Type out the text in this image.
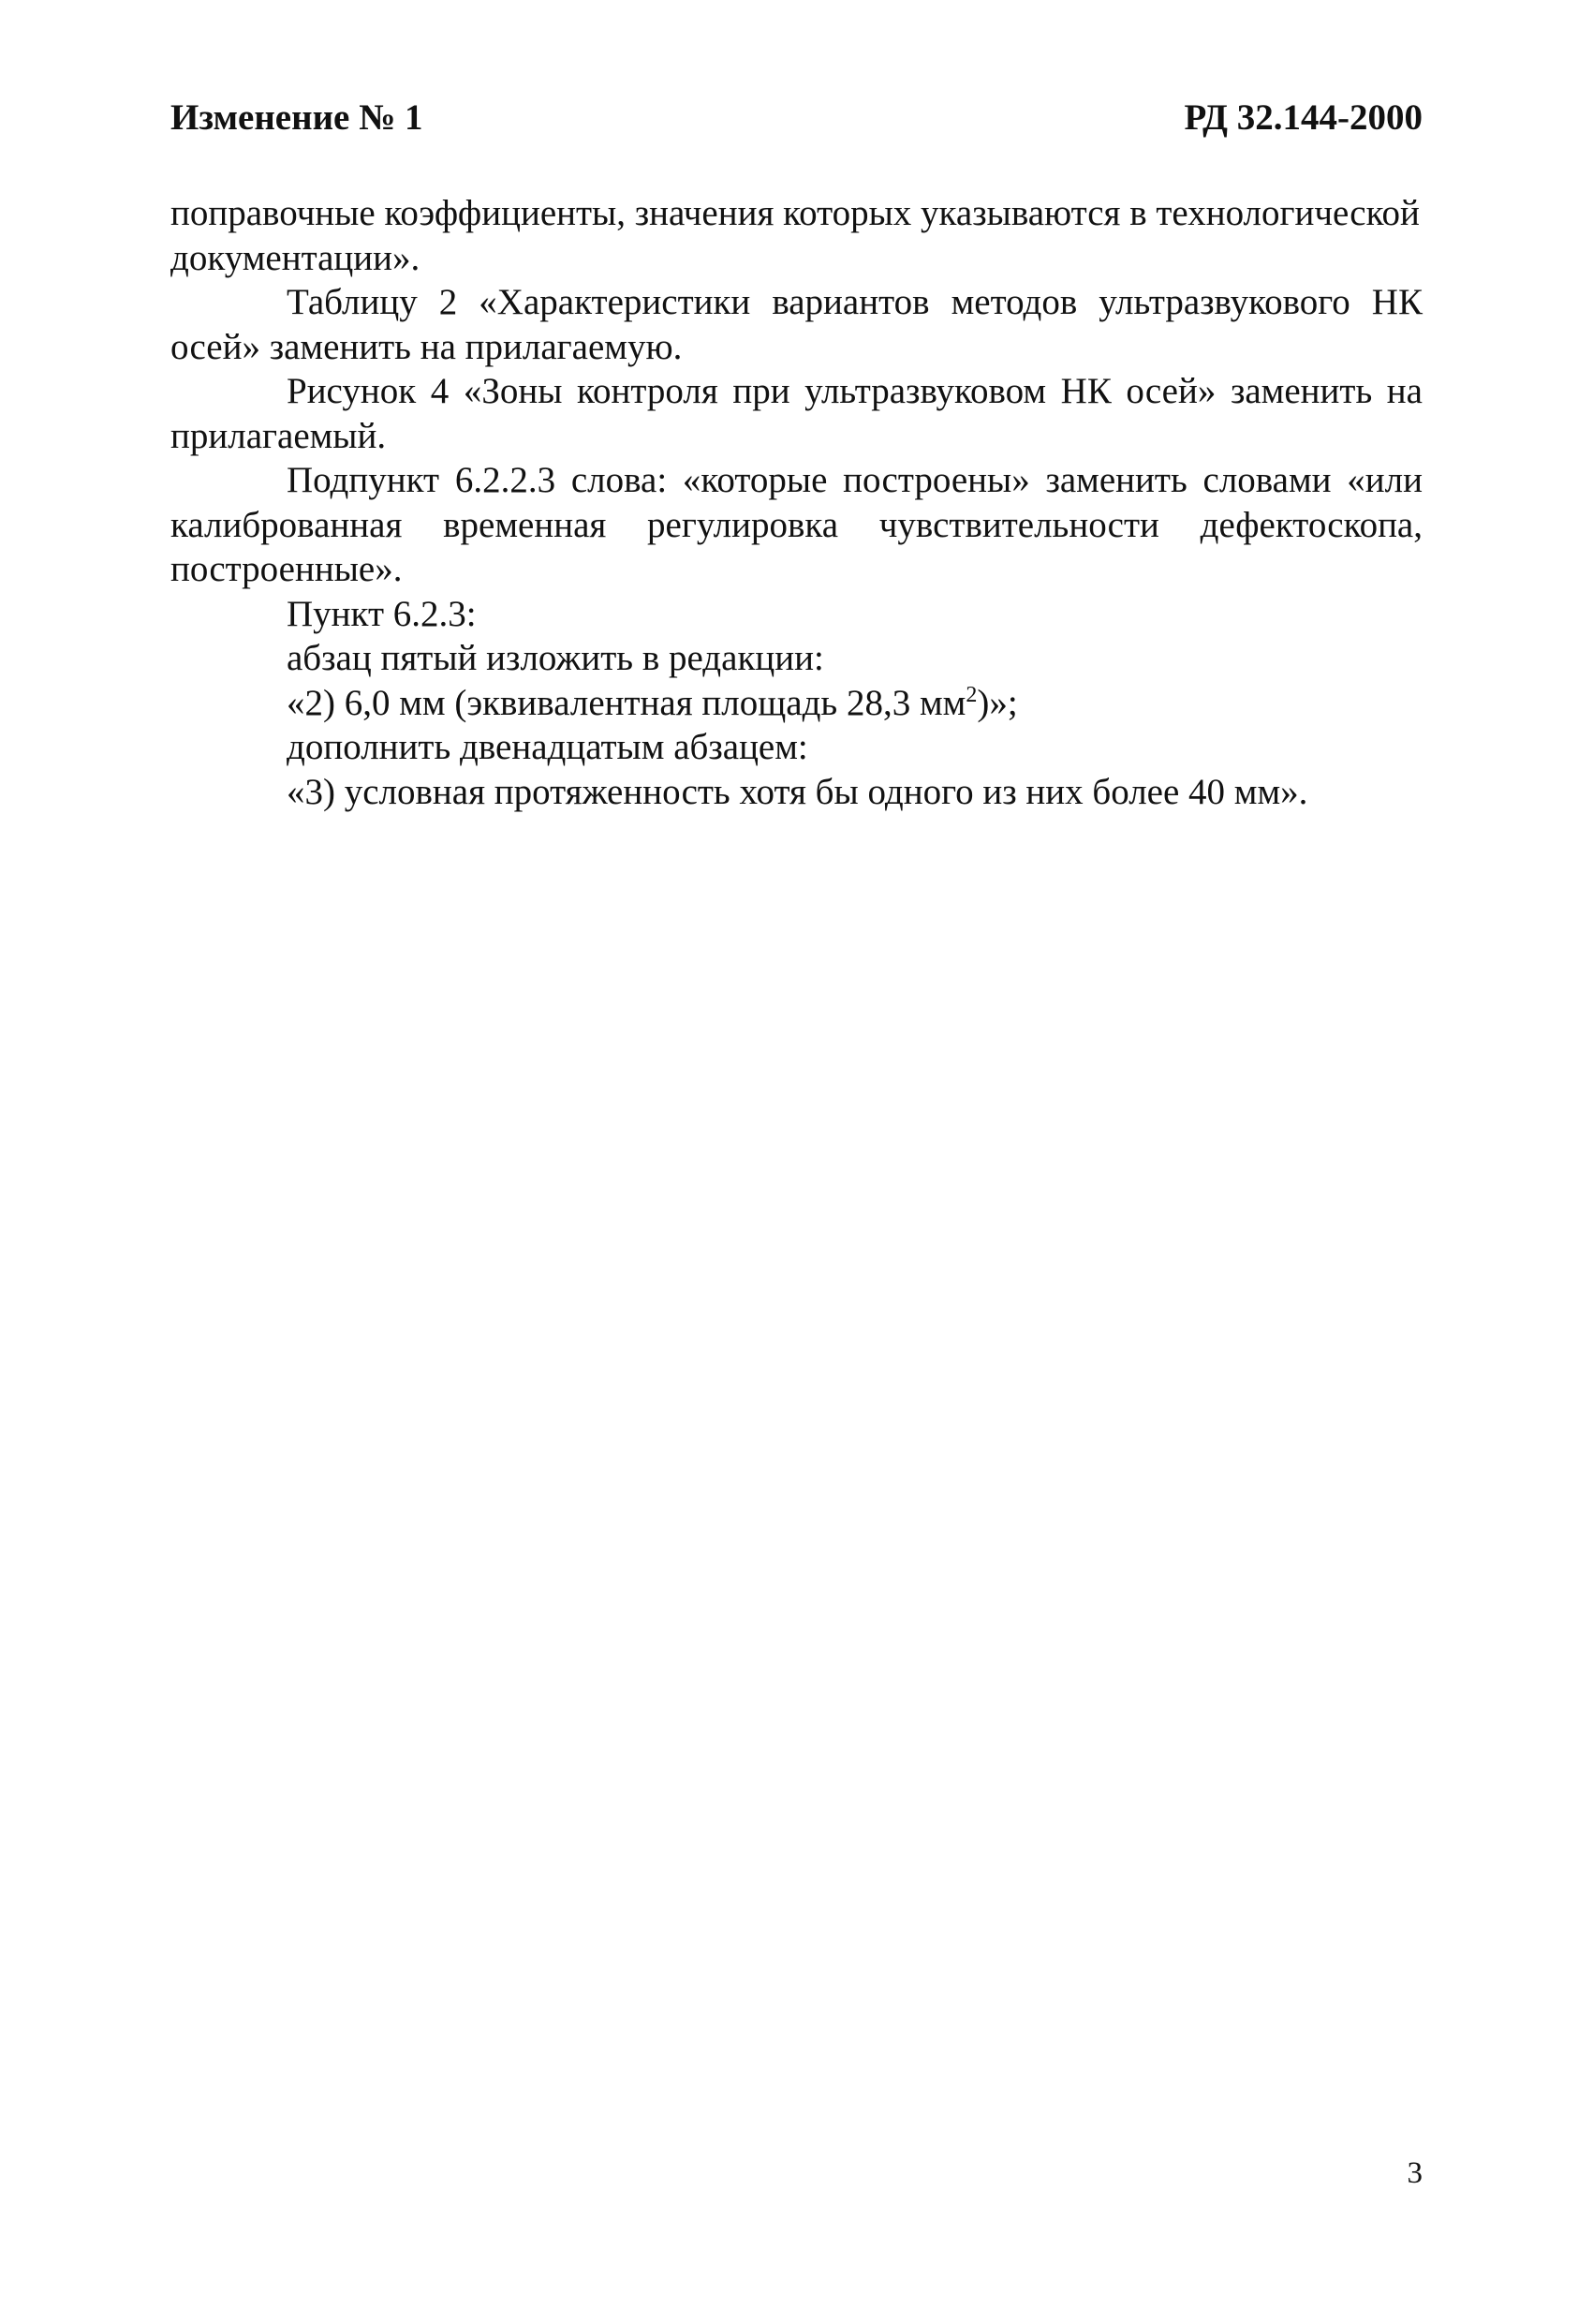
Изменение № 1	РД 32.144-2000

поправочные коэффициенты, значения которых указываются в технологической документации».

Таблицу 2 «Характеристики вариантов методов ультразвукового НК осей» заменить на прилагаемую.

Рисунок 4 «Зоны контроля при ультразвуковом НК осей» заменить на прилагаемый.

Подпункт 6.2.2.3 слова: «которые построены» заменить словами «или калиброванная временная регулировка чувствительности дефектоскопа, построенные».

Пункт 6.2.3:

абзац пятый изложить в редакции:

«2) 6,0 мм (эквивалентная площадь 28,3 $мм^2$)»;

дополнить двенадцатым абзацем:

«3) условная протяженность хотя бы одного из них более 40 мм».

3
